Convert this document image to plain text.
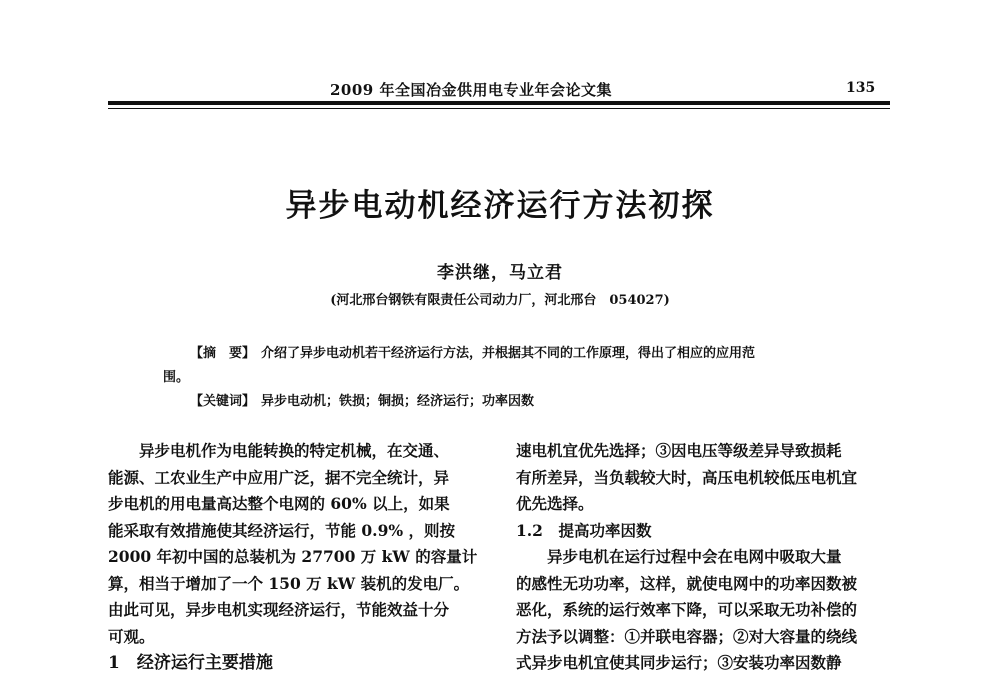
2009 年全国冶金供用电专业年会论文集	135
异步电动机经济运行方法初探
李洪继，马立君
(河北邢台钢铁有限责任公司动力厂，河北邢台　054027)
【摘　要】 介绍了异步电动机若干经济运行方法，并根据其不同的工作原理，得出了相应的应用范
围。
【关键词】 异步电动机；铁损；铜损；经济运行；功率因数
异步电机作为电能转换的特定机械，在交通、
能源、工农业生产中应用广泛，据不完全统计，异
步电机的用电量高达整个电网的 60% 以上，如果
能采取有效措施使其经济运行，节能 0.9% ，则按
2000 年初中国的总装机为 27700 万 kW 的容量计
算，相当于增加了一个 150 万 kW 装机的发电厂。
由此可见，异步电机实现经济运行，节能效益十分
可观。
1　经济运行主要措施
速电机宜优先选择；③因电压等级差异导致损耗
有所差异，当负载较大时，高压电机较低压电机宜
优先选择。
1.2　提高功率因数
异步电机在运行过程中会在电网中吸取大量
的感性无功功率，这样，就使电网中的功率因数被
恶化，系统的运行效率下降，可以采取无功补偿的
方法予以调整：①并联电容器；②对大容量的绕线
式异步电机宜使其同步运行；③安装功率因数静
